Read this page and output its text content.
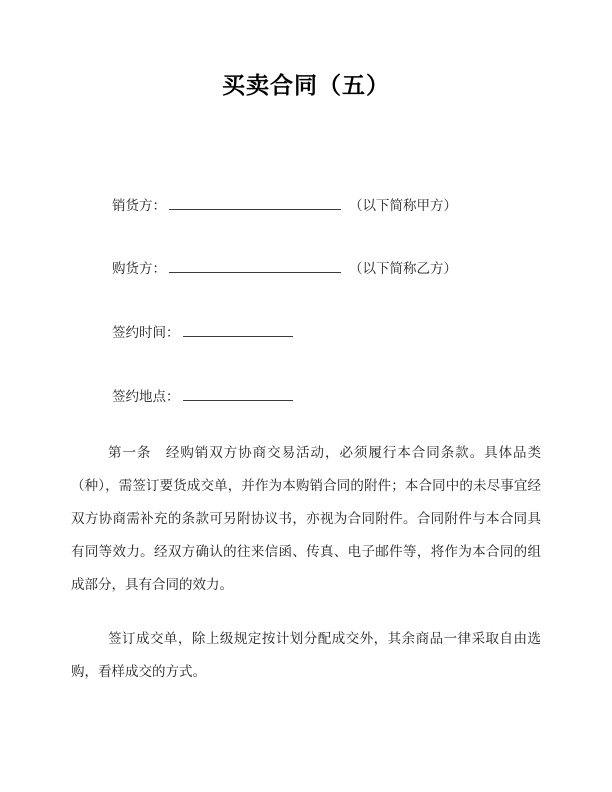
买卖合同（五）
销货方：	（以下简称甲方）
购货方：	（以下简称乙方）
签约时间：
签约地点：

第一条　经购销双方协商交易活动，必须履行本合同条款。具体品类（种），需签订要货成交单，并作为本购销合同的附件；本合同中的未尽事宜经双方协商需补充的条款可另附协议书，亦视为合同附件。合同附件与本合同具有同等效力。经双方确认的往来信函、传真、电子邮件等，将作为本合同的组成部分，具有合同的效力。

签订成交单，除上级规定按计划分配成交外，其余商品一律采取自由选购，看样成交的方式。
